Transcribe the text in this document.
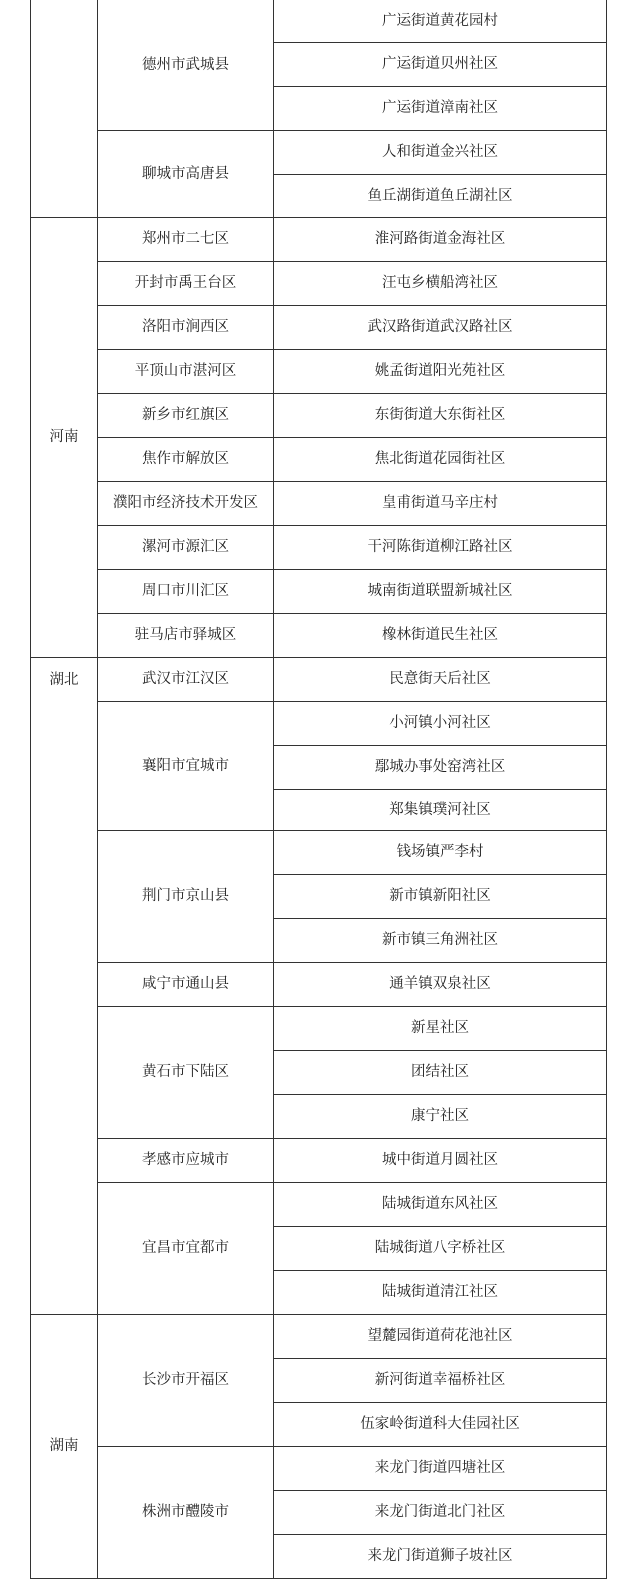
	德州市武城县	广运街道黄花园村
		广运街道贝州社区
		广运街道漳南社区
	聊城市高唐县	人和街道金兴社区
		鱼丘湖街道鱼丘湖社区
河南	郑州市二七区	淮河路街道金海社区
	开封市禹王台区	汪屯乡横船湾社区
	洛阳市涧西区	武汉路街道武汉路社区
	平顶山市湛河区	姚孟街道阳光苑社区
	新乡市红旗区	东街街道大东街社区
	焦作市解放区	焦北街道花园街社区
	濮阳市经济技术开发区	皇甫街道马辛庄村
	漯河市源汇区	干河陈街道柳江路社区
	周口市川汇区	城南街道联盟新城社区
	驻马店市驿城区	橡林街道民生社区
湖北	武汉市江汉区	民意街天后社区
	襄阳市宜城市	小河镇小河社区
		鄢城办事处窑湾社区
		郑集镇璞河社区
	荆门市京山县	钱场镇严李村
		新市镇新阳社区
		新市镇三角洲社区
	咸宁市通山县	通羊镇双泉社区
	黄石市下陆区	新星社区
		团结社区
		康宁社区
	孝感市应城市	城中街道月圆社区
	宜昌市宜都市	陆城街道东风社区
		陆城街道八字桥社区
		陆城街道清江社区
湖南	长沙市开福区	望麓园街道荷花池社区
		新河街道幸福桥社区
		伍家岭街道科大佳园社区
	株洲市醴陵市	来龙门街道四塘社区
		来龙门街道北门社区
		来龙门街道狮子坡社区
